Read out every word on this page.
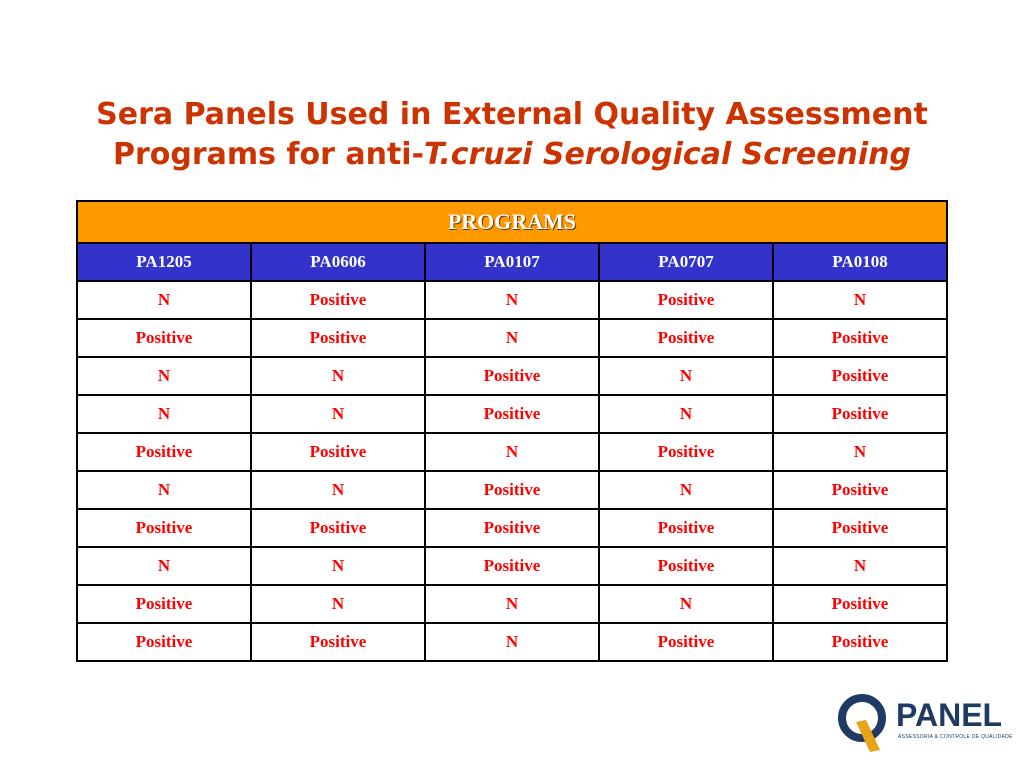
Sera Panels Used in External Quality Assessment
Programs for anti-T.cruzi Serological Screening
PROGRAMS				
PA1205	PA0606	PA0107	PA0707	PA0108
N	Positive	N	Positive	N
Positive	Positive	N	Positive	Positive
N	N	Positive	N	Positive
N	N	Positive	N	Positive
Positive	Positive	N	Positive	N
N	N	Positive	N	Positive
Positive	Positive	Positive	Positive	Positive
N	N	Positive	Positive	N
Positive	N	N	N	Positive
Positive	Positive	N	Positive	Positive
PANEL
ASSESSORIA & CONTROLE DE QUALIDADE
